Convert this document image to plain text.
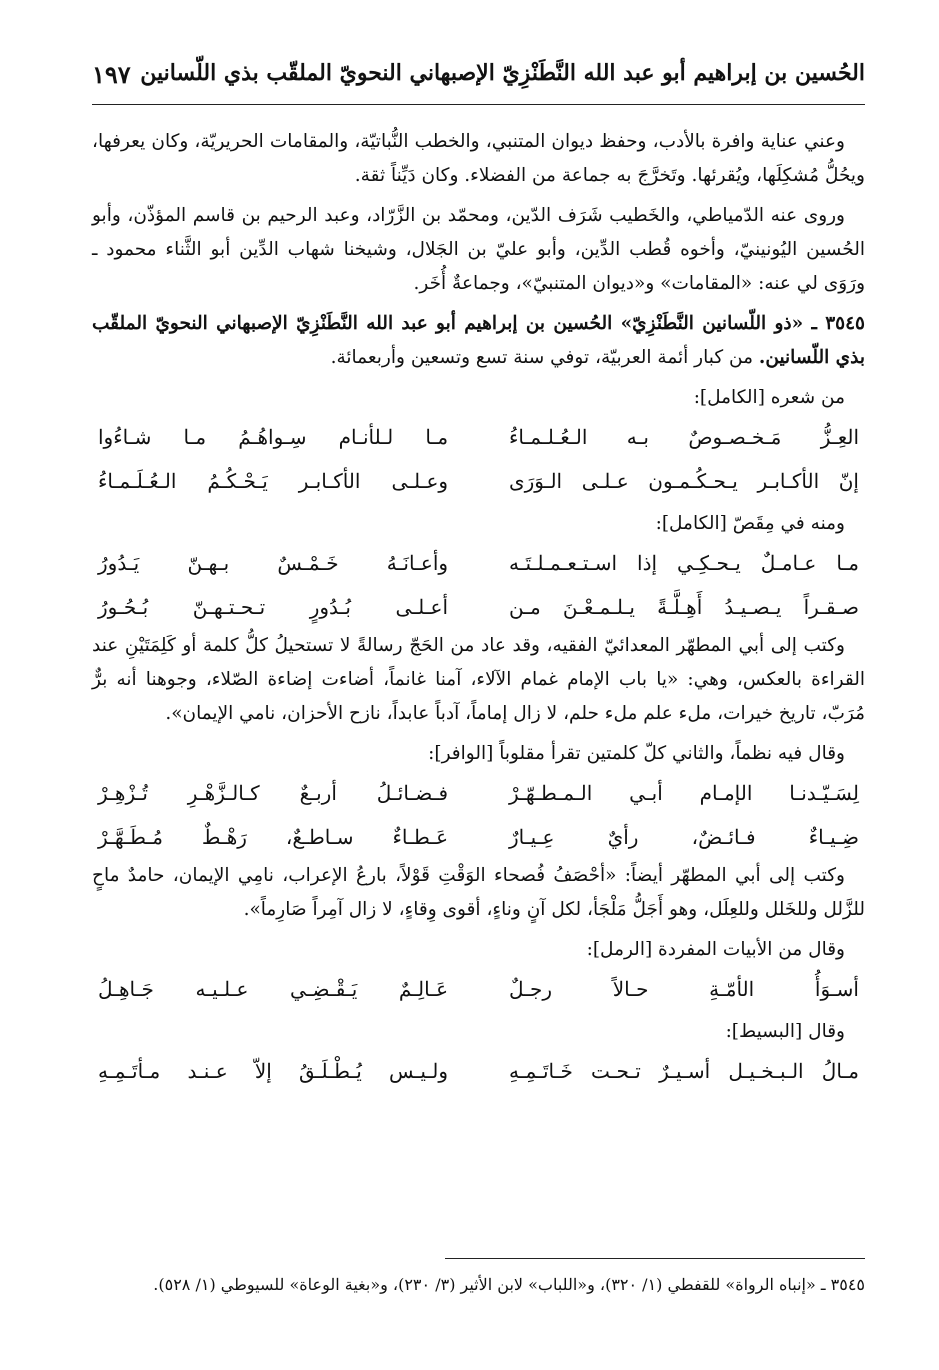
الحُسين بن إبراهيم أبو عبد الله النَّطَنْزِيّ الإصبهاني النحويّ الملقّب بذي اللّسانين
١٩٧

وعني عناية وافرة بالأدب، وحفظ ديوان المتنبي، والخطب النُّباتيّة، والمقامات الحريريّة، وكان يعرفها، ويحُلُّ مُشكِلَها، ويُقرئها. وتَخرَّجَ به جماعة من الفضلاء. وكان دَيِّناً ثقة.

وروى عنه الدّمياطي، والخَطيب شَرَف الدّين، ومحمّد بن الزَّرّاد، وعبد الرحيم بن قاسم المؤذّن، وأبو الحُسين اليُونينيّ، وأخوه قُطب الدِّين، وأبو عليّ بن الجَلال، وشيخنا شهاب الدِّين أبو الثَّناء محمود ـ ورَوَى لي عنه: «المقامات» و«ديوان المتنبيّ»، وجماعةٌ أُخَر.

٣٥٤٥ ـ «ذو اللّسانين النَّطَنْزِيّ» الحُسين بن إبراهيم أبو عبد الله النَّطَنْزِيّ الإصبهاني النحويّ الملقّب بذي اللّسانين. من كبار أئمة العربيّة، توفي سنة تسع وتسعين وأربعمائة.

من شعره [الكامل]:
العِـزُّ مَـخـصـوصٌ بـه الـعُـلـمـاءُ
مـا لـلأنـام سِـواهُـمُ مـا شـاءُوا
إنّ الأكـابـر يـحـكُـمـون عـلـى الـوَرَى
وعـلـى الأكـابـر يَـحْـكُـمُ الـعُـلَـمـاءُ
ومنه في مِقَصّ [الكامل]:
مـا عـامـلٌ يـحـكِـي إذا اسـتـعـمـلـتَـه
وأعـانَـهُ خَـمْـسٌ بـهـنّ يَـدُورُ
صـقـراً يـصـيـدُ أَهِـلَّـةً يـلـمـعْـنَ مـن
أعـلـى بُـدُورٍ تـحـتـهـنّ بُـحُـورُ

وكتب إلى أبي المطهّر المعدائيّ الفقيه، وقد عاد من الحَجّ رسالةً لا تستحيلُ كلُّ كلمة أو كَلِمَتَيْنِ عند القراءة بالعكس، وهي: «يا باب الإمام غمام الآلاء، آمنا غانماً، أضاءت إضاءة الصّلاء، وجوهنا أنه برٌّ مُرَبّ، تاريخ خيرات، ملء علم ملء حلم، لا زال إماماً، آدباً عابداً، نازح الأحزان، نامي الإيمان».

وقال فيه نظماً، والثاني كلّ كلمتين تقرأ مقلوباً [الوافر]:
لِسَـيّـدنـا الإمـام أبـي الـمـطـهّـرْ
فـضـائـلُ أربـعٌ كـالـزَّهْـرِ تُـزْهِـرْ
ضِـيـاءٌ فـائـضٌ، رأيٌ عِـيـارٌ
عَـطـاءٌ سـاطـعٌ، رَهْـطٌ مُـطَـهَّـرْ

وكتب إلى أبي المطهّر أيضاً: «أحْصَفُ فُصحاء الوَقْتِ قَوْلاً، بارعُ الإعراب، نامِي الإيمان، حامدٌ ماحٍ للزَّلل وللخَلل وللعِلَل، وهو أَجَلُّ مَلْجَأ، لكل آنٍ وناءٍ، أقوى وِقاءٍ، لا زال آمِراً صَارِماً».

وقال من الأبيات المفردة [الرمل]:
أسـوَأُ الأمّـةِ حـالاً رجـلٌ
عَـالِـمٌ يَـقْـضِـي عـلـيـه جَـاهِـلُ
وقال [البسيط]:
مـالُ الـبـخـيـل أسـيـرٌ تـحـت خَـاتَـمِـهِ
ولـيـس يُـطْـلَـقُ إلاّ عـنـد مـأتَـمِـهِ
٣٥٤٥ ـ «إنباه الرواة» للقفطي (١/ ٣٢٠)، و«اللباب» لابن الأثير (٣/ ٢٣٠)، و«بغية الوعاة» للسيوطي (١/ ٥٢٨).
